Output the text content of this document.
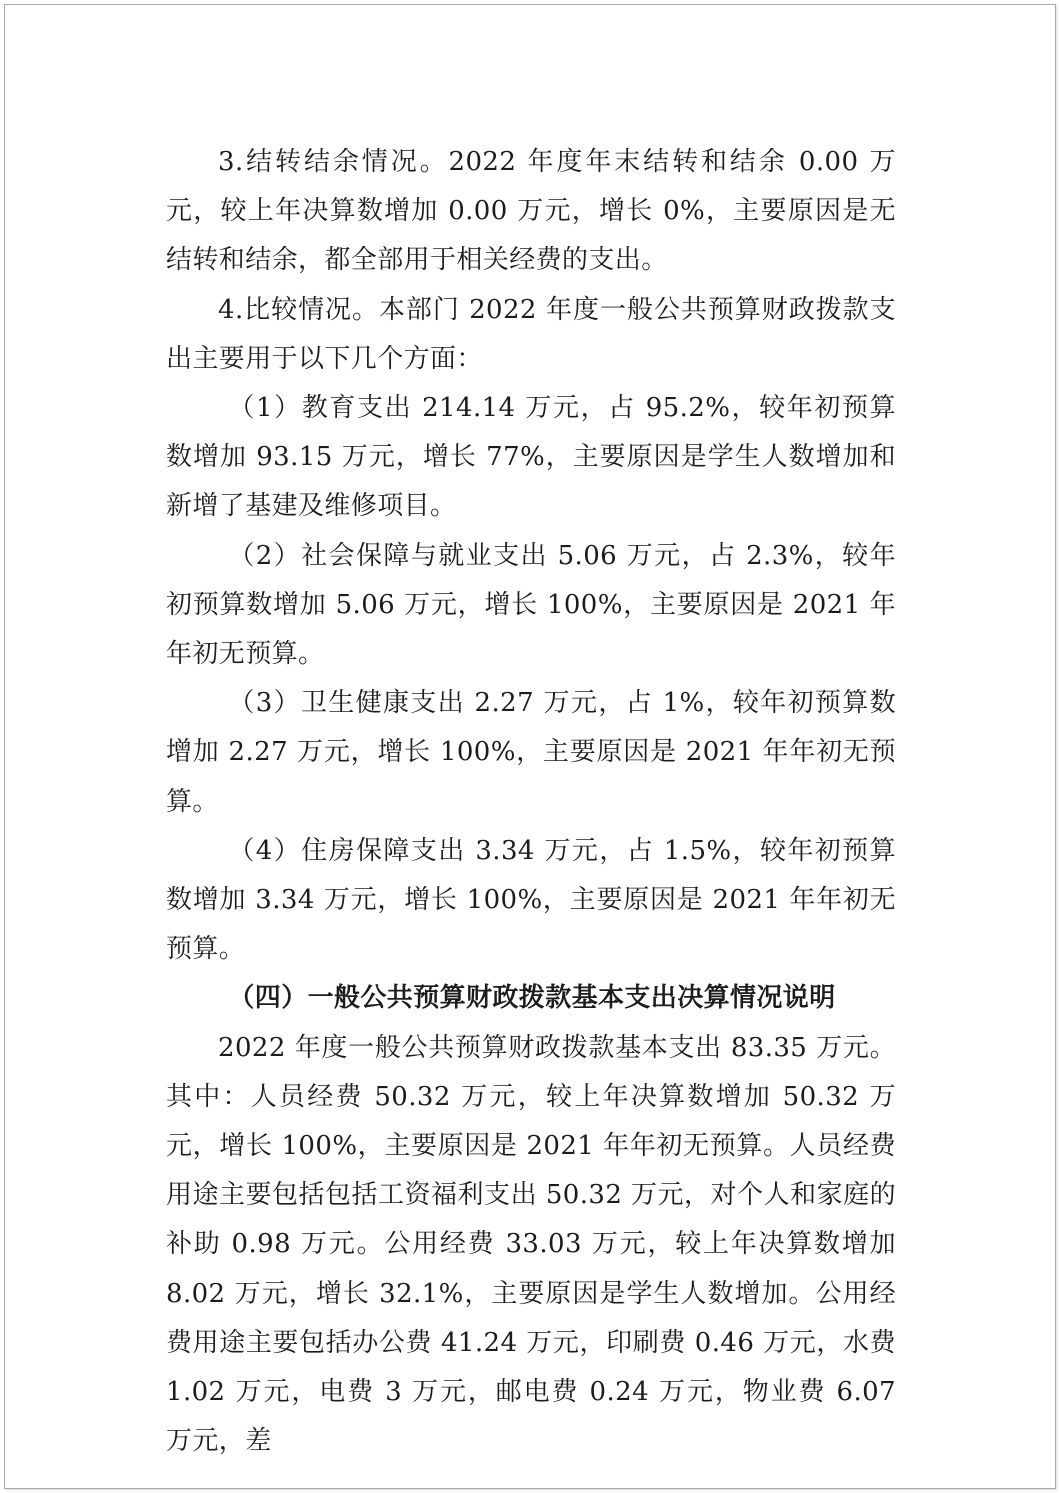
3.结转结余情况。2022 年度年末结转和结余 0.00 万元，较上年决算数增加 0.00 万元，增长 0%，主要原因是无结转和结余，都全部用于相关经费的支出。

4.比较情况。本部门 2022 年度一般公共预算财政拨款支出主要用于以下几个方面：

（1）教育支出 214.14 万元，占 95.2%，较年初预算数增加 93.15 万元，增长 77%，主要原因是学生人数增加和新增了基建及维修项目。

（2）社会保障与就业支出 5.06 万元，占 2.3%，较年初预算数增加 5.06 万元，增长 100%，主要原因是 2021 年年初无预算。

（3）卫生健康支出 2.27 万元，占 1%，较年初预算数增加 2.27 万元，增长 100%，主要原因是 2021 年年初无预算。

（4）住房保障支出 3.34 万元，占 1.5%，较年初预算数增加 3.34 万元，增长 100%，主要原因是 2021 年年初无预算。

（四）一般公共预算财政拨款基本支出决算情况说明

2022 年度一般公共预算财政拨款基本支出 83.35 万元。其中：人员经费 50.32 万元，较上年决算数增加 50.32 万元，增长 100%，主要原因是 2021 年年初无预算。人员经费用途主要包括包括工资福利支出 50.32 万元，对个人和家庭的补助 0.98 万元。公用经费 33.03 万元，较上年决算数增加 8.02 万元，增长 32.1%，主要原因是学生人数增加。公用经费用途主要包括办公费 41.24 万元，印刷费 0.46 万元，水费 1.02 万元，电费 3 万元，邮电费 0.24 万元，物业费 6.07 万元，差
